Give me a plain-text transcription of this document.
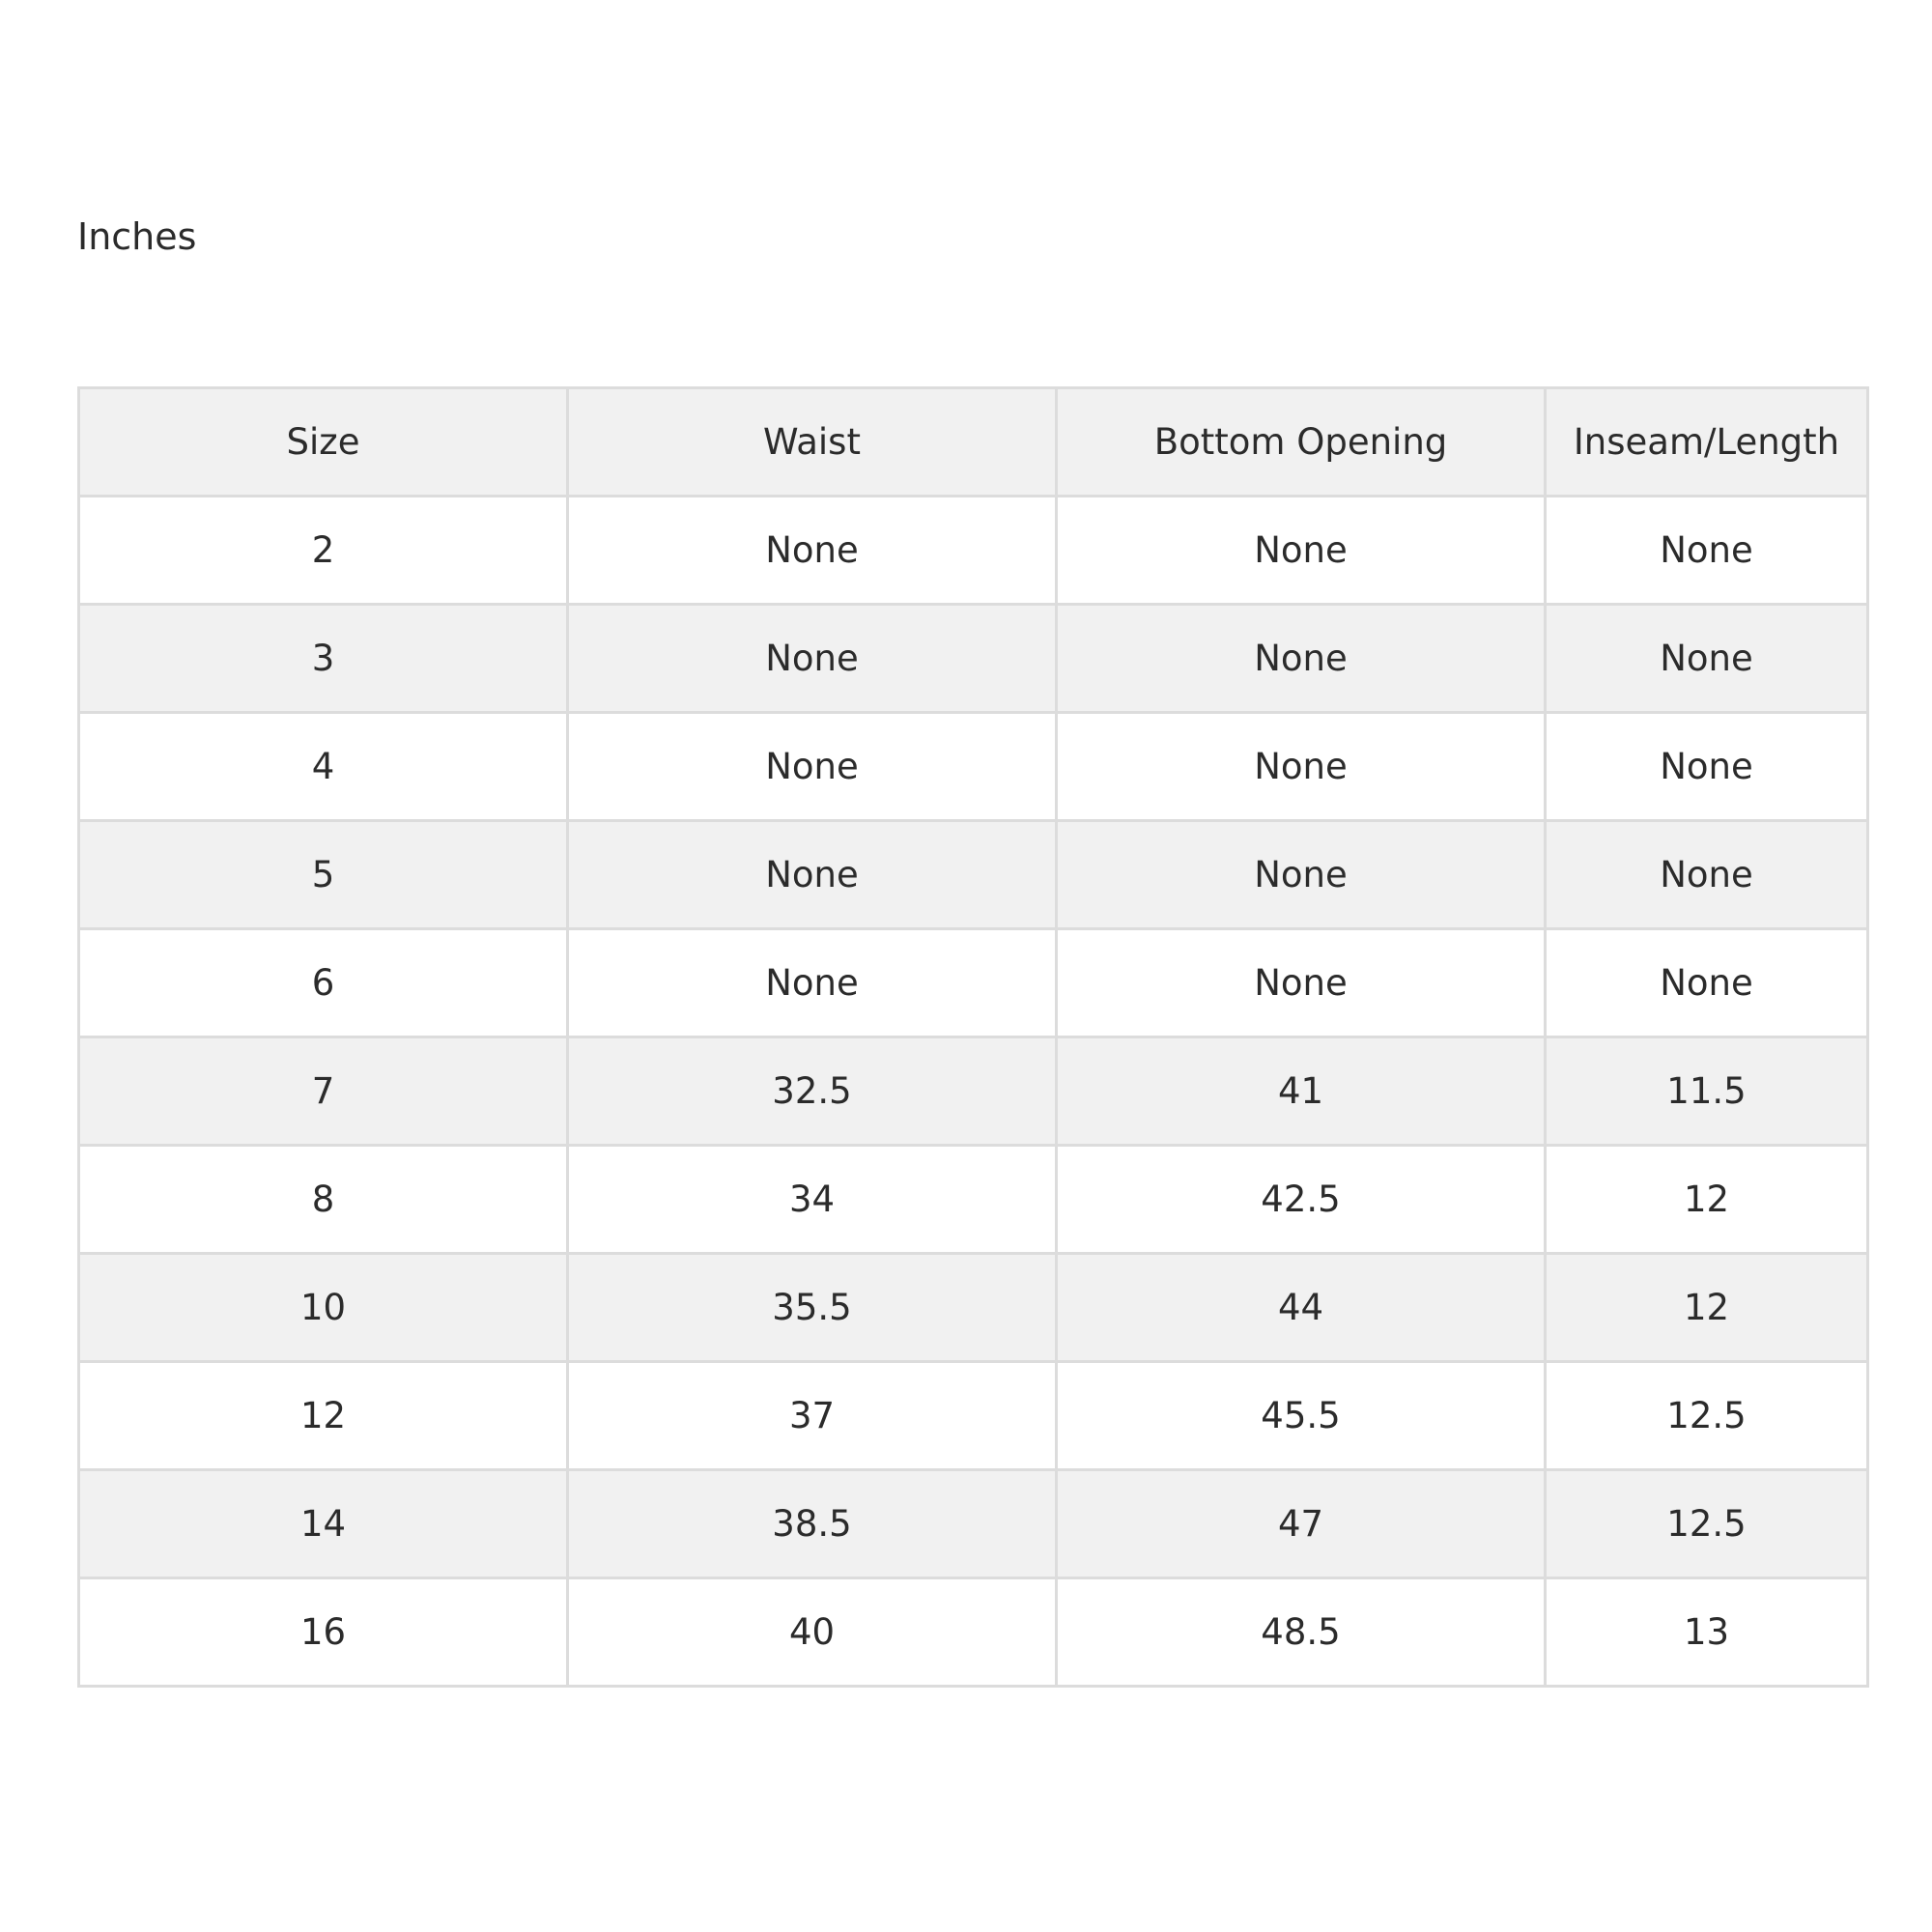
Inches
Size	Waist	Bottom Opening	Inseam/Length
2	None	None	None
3	None	None	None
4	None	None	None
5	None	None	None
6	None	None	None
7	32.5	41	11.5
8	34	42.5	12
10	35.5	44	12
12	37	45.5	12.5
14	38.5	47	12.5
16	40	48.5	13
